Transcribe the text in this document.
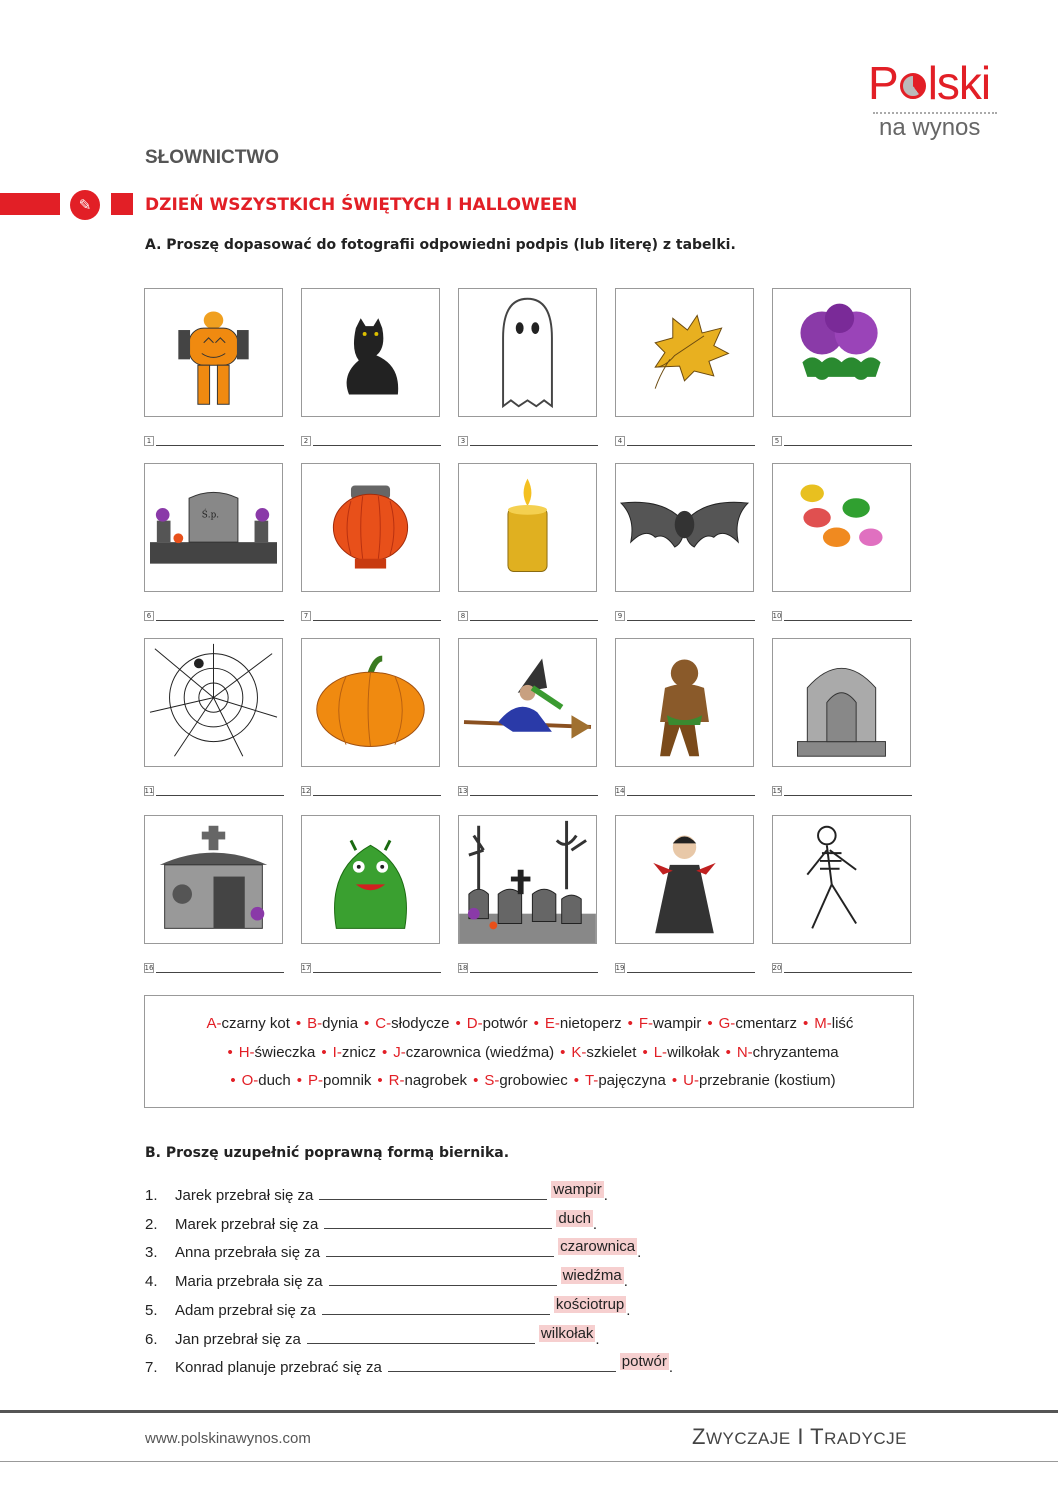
P lski
na wynos
SŁOWNICTWO
✎	DZIEŃ WSZYSTKICH ŚWIĘTYCH I HALLOWEEN
A. Proszę dopasować do fotografii odpowiedni podpis (lub literę) z tabelki.
1	2	3	4	5
Ś.p.
6	7	8	9	10
11	12	13	14	15
16	17	18	19	20
A-czarny kot • B-dynia • C-słodycze • D-potwór • E-nietoperz • F-wampir • G-cmentarz • M-liść
• H-świeczka • I-znicz • J-czarownica (wiedźma) • K-szkielet • L-wilkołak • N-chryzantema
• O-duch • P-pomnik • R-nagrobek • S-grobowiec • T-pajęczyna • U-przebranie (kostium)
B. Proszę uzupełnić poprawną formą biernika.
1. Jarek przebrał się za	wampir .
2. Marek przebrał się za	duch .
3. Anna przebrała się za	czarownica .
4. Maria przebrała się za	wiedźma .
5. Adam przebrał się za	kościotrup .
6. Jan przebrał się za	wilkołak .
7. Konrad planuje przebrać się za	potwór .
www.polskinawynos.com	ZWYCZAJE I TRADYCJE
